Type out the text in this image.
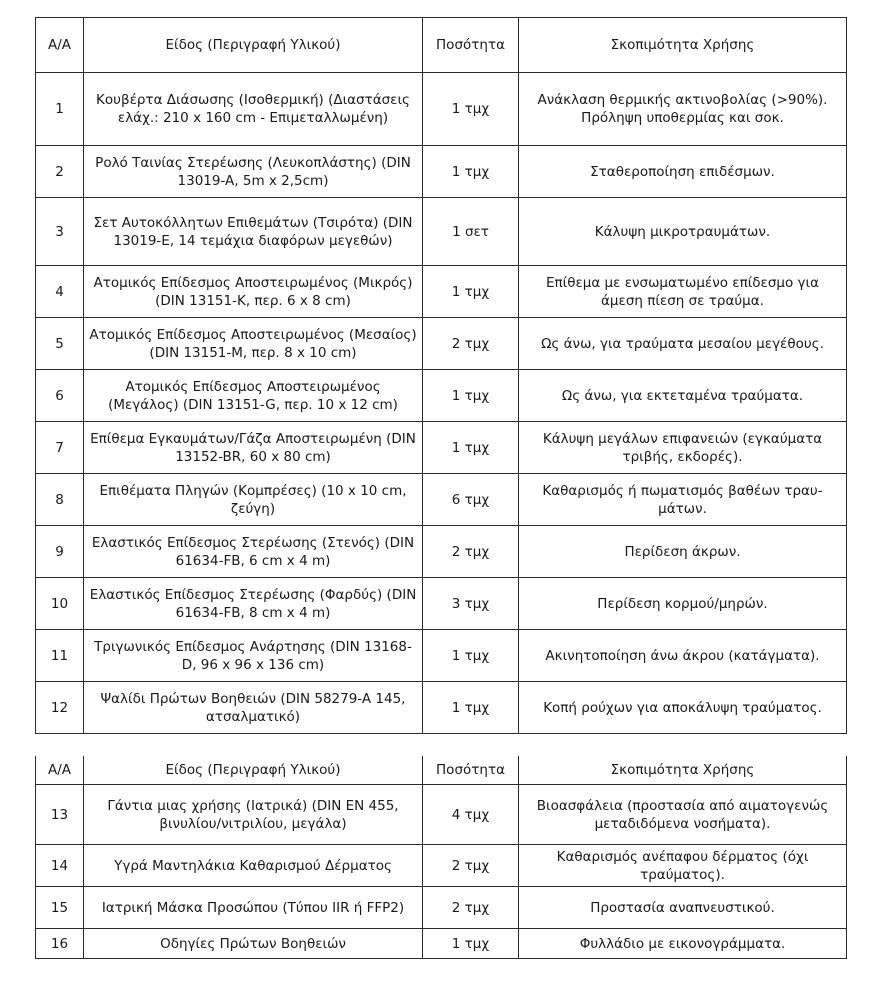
A/A	Είδος (Περιγραφή Υλικού)	Ποσότητα	Σκοπιμότητα Χρήσης
1	Κουβέρτα Διάσωσης (Ισοθερμική) (Διαστάσεις ελάχ.: 210 x 160 cm - Επιμεταλλωμένη)	1 τμχ	Ανάκλαση θερμικής ακτινοβολίας (>90%). Πρόληψη υποθερμίας και σοκ.
2	Ρολό Ταινίας Στερέωσης (Λευκοπλάστης) (DIN 13019-A, 5m x 2,5cm)	1 τμχ	Σταθεροποίηση επιδέσμων.
3	Σετ Αυτοκόλλητων Επιθεμάτων (Τσιρότα) (DIN 13019-E, 14 τεμάχια διαφόρων μεγεθών)	1 σετ	Κάλυψη μικροτραυμάτων.
4	Ατομικός Επίδεσμος Αποστειρωμένος (Μικρός) (DIN 13151-K, περ. 6 x 8 cm)	1 τμχ	Επίθεμα με ενσωματωμένο επίδεσμο για άμεση πίεση σε τραύμα.
5	Ατομικός Επίδεσμος Αποστειρωμένος (Μεσαίος) (DIN 13151-M, περ. 8 x 10 cm)	2 τμχ	Ως άνω, για τραύματα μεσαίου μεγέθους.
6	Ατομικός Επίδεσμος Αποστειρωμένος (Μεγάλος) (DIN 13151-G, περ. 10 x 12 cm)	1 τμχ	Ως άνω, για εκτεταμένα τραύματα.
7	Επίθεμα Εγκαυμάτων/Γάζα Αποστειρωμένη (DIN 13152-BR, 60 x 80 cm)	1 τμχ	Κάλυψη μεγάλων επιφανειών (εγκαύματα τριβής, εκδορές).
8	Επιθέματα Πληγών (Κομπρέσες) (10 x 10 cm, ζεύγη)	6 τμχ	Καθαρισμός ή πωματισμός βαθέων τραυ-μάτων.
9	Ελαστικός Επίδεσμος Στερέωσης (Στενός) (DIN 61634-FB, 6 cm x 4 m)	2 τμχ	Περίδεση άκρων.
10	Ελαστικός Επίδεσμος Στερέωσης (Φαρδύς) (DIN 61634-FB, 8 cm x 4 m)	3 τμχ	Περίδεση κορμού/μηρών.
11	Τριγωνικός Επίδεσμος Ανάρτησης (DIN 13168-D, 96 x 96 x 136 cm)	1 τμχ	Ακινητοποίηση άνω άκρου (κατάγματα).
12	Ψαλίδι Πρώτων Βοηθειών (DIN 58279-A 145, ατσαλματικό)	1 τμχ	Κοπή ρούχων για αποκάλυψη τραύματος.
A/A	Είδος (Περιγραφή Υλικού)	Ποσότητα	Σκοπιμότητα Χρήσης
13	Γάντια μιας χρήσης (Ιατρικά) (DIN EN 455, βινυλίου/νιτριλίου, μεγάλα)	4 τμχ	Βιοασφάλεια (προστασία από αιματογενώς μεταδιδόμενα νοσήματα).
14	Υγρά Μαντηλάκια Καθαρισμού Δέρματος	2 τμχ	Καθαρισμός ανέπαφου δέρματος (όχι τραύματος).
15	Ιατρική Μάσκα Προσώπου (Τύπου IIR ή FFP2)	2 τμχ	Προστασία αναπνευστικού.
16	Οδηγίες Πρώτων Βοηθειών	1 τμχ	Φυλλάδιο με εικονογράμματα.
